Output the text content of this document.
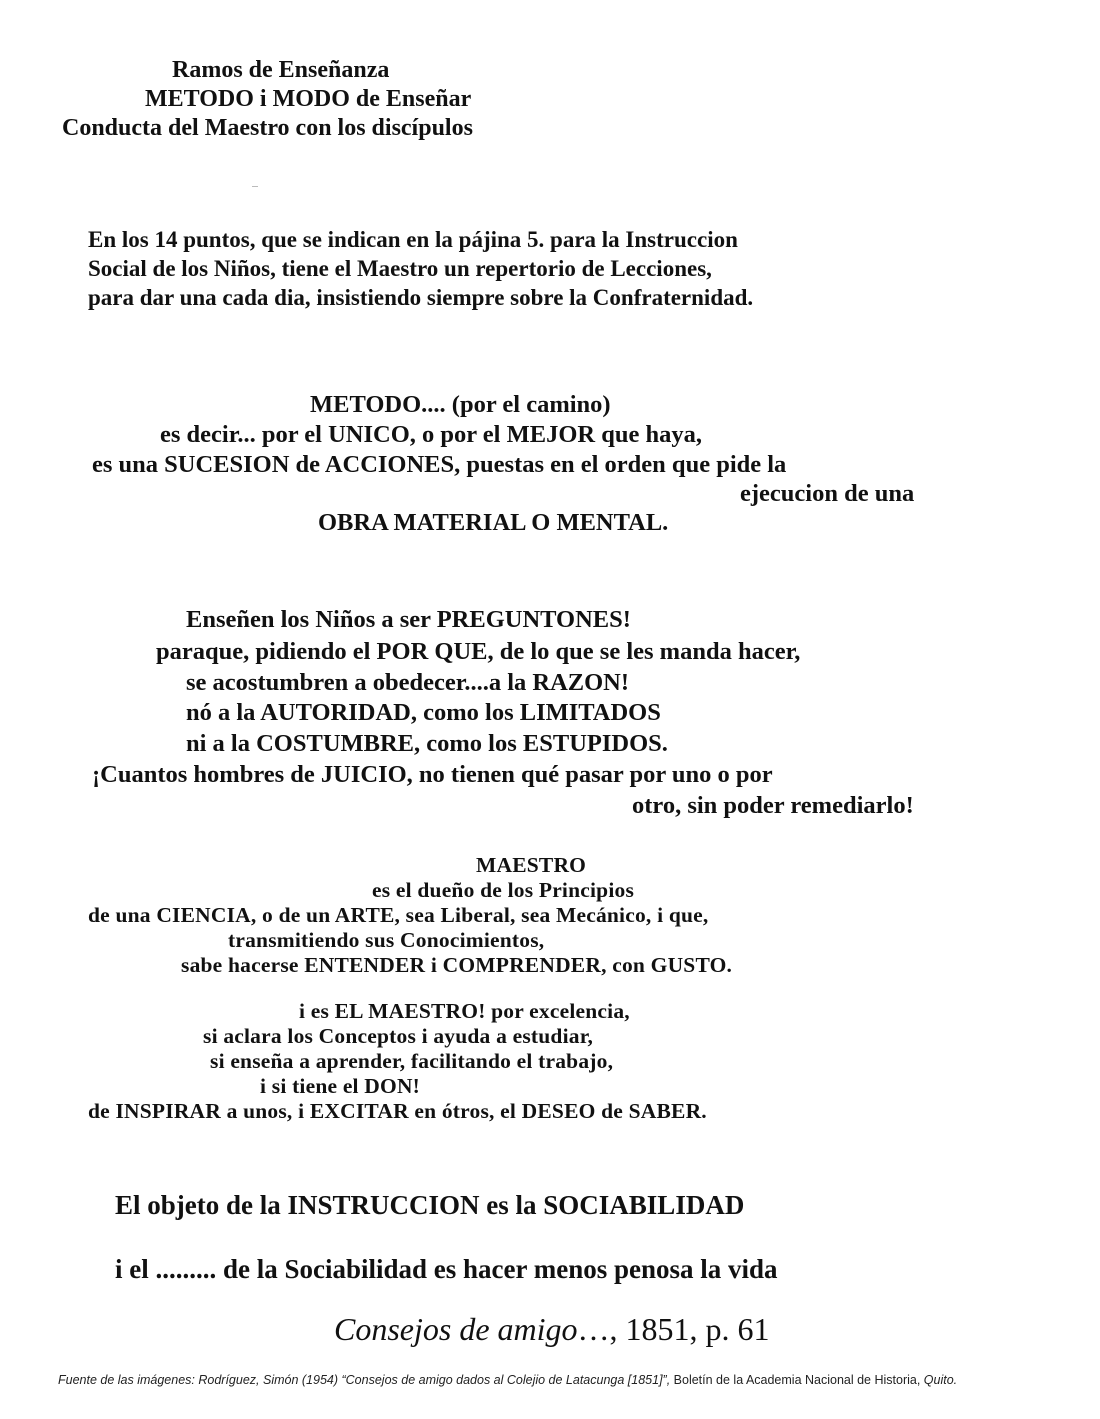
Ramos de Enseñanza
METODO i MODO de Enseñar
Conducta del Maestro con los discípulos
En los 14 puntos, que se indican en la pájina 5. para la Instruccion
Social de los Niños, tiene el Maestro un repertorio de Lecciones,
para dar una cada dia, insistiendo siempre sobre la Confraternidad.
METODO.... (por el camino)
es decir... por el UNICO, o por el MEJOR que haya,
es una SUCESION de ACCIONES, puestas en el orden que pide la
ejecucion de una
OBRA MATERIAL O MENTAL.
Enseñen los Niños a ser PREGUNTONES!
paraque, pidiendo el POR QUE, de lo que se les manda hacer,
se acostumbren a obedecer....a la RAZON!
nó a la AUTORIDAD, como los LIMITADOS
ni a la COSTUMBRE, como los ESTUPIDOS.
¡Cuantos hombres de JUICIO, no tienen qué pasar por uno o por
otro, sin poder remediarlo!
MAESTRO
es el dueño de los Principios
de una CIENCIA, o de un ARTE, sea Liberal, sea Mecánico, i que,
transmitiendo sus Conocimientos,
sabe hacerse ENTENDER i COMPRENDER, con GUSTO.
i es EL MAESTRO! por excelencia,
si aclara los Conceptos i ayuda a estudiar,
si enseña a aprender, facilitando el trabajo,
i si tiene el DON!
de INSPIRAR a unos, i EXCITAR en ótros, el DESEO de SABER.
El objeto de la INSTRUCCION es la SOCIABILIDAD
i el ......... de la Sociabilidad es hacer menos penosa la vida
Consejos de amigo…, 1851, p. 61
Fuente de las imágenes: Rodríguez, Simón (1954) “Consejos de amigo dados al Colejio de Latacunga [1851]”, Boletín de la Academia Nacional de Historia, Quito.
